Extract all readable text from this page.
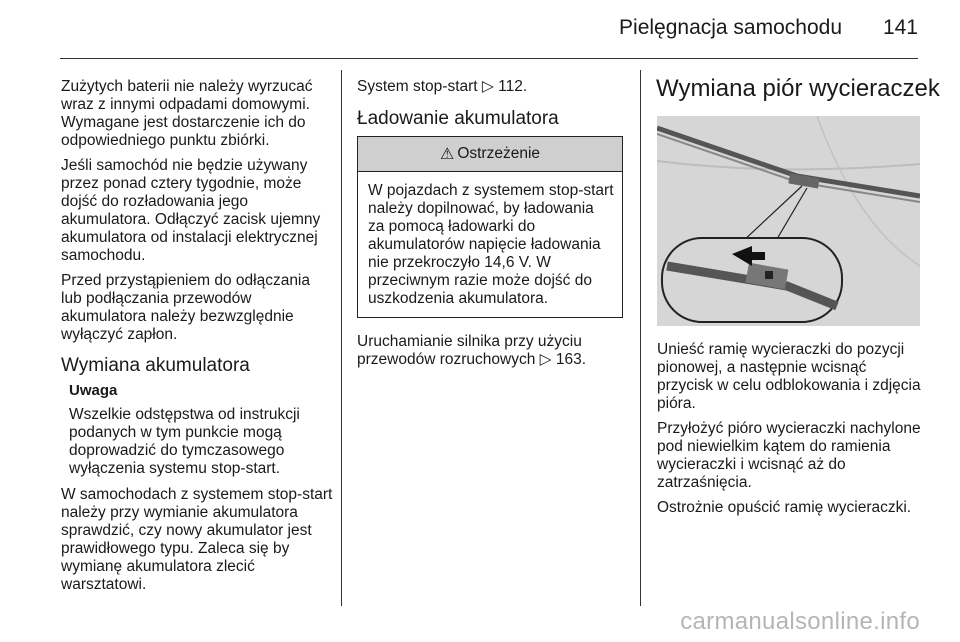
Pielęgnacja samochodu 141

Zużytych baterii nie należy wyrzucać wraz z innymi odpadami domowymi. Wymagane jest dostarczenie ich do odpowiedniego punktu zbiórki.

Jeśli samochód nie będzie używany przez ponad cztery tygodnie, może dojść do rozładowania jego akumulatora. Odłączyć zacisk ujemny akumulatora od instalacji elektrycznej samochodu.

Przed przystąpieniem do odłączania lub podłączania przewodów akumulatora należy bezwzględnie wyłączyć zapłon.

Wymiana akumulatora

Uwaga

Wszelkie odstępstwa od instrukcji podanych w tym punkcie mogą doprowadzić do tymczasowego wyłączenia systemu stop-start.

W samochodach z systemem stop-start należy przy wymianie akumulatora sprawdzić, czy nowy akumulator jest prawidłowego typu. Zaleca się by wymianę akumulatora zlecić warsztatowi.

System stop-start ▷ 112.

Ładowanie akumulatora
⚠ Ostrzeżenie

W pojazdach z systemem stop-start należy dopilnować, by ładowania za pomocą ładowarki do akumulatorów napięcie ładowania nie przekroczyło 14,6 V. W przeciwnym razie może dojść do uszkodzenia akumulatora.

Uruchamianie silnika przy użyciu przewodów rozruchowych ▷ 163.

Wymiana piór wycieraczek

Unieść ramię wycieraczki do pozycji pionowej, a następnie wcisnąć przycisk w celu odblokowania i zdjęcia pióra.

Przyłożyć pióro wycieraczki nachylone pod niewielkim kątem do ramienia wycieraczki i wcisnąć aż do zatrzaśnięcia.

Ostrożnie opuścić ramię wycieraczki.

carmanualsonline.info
